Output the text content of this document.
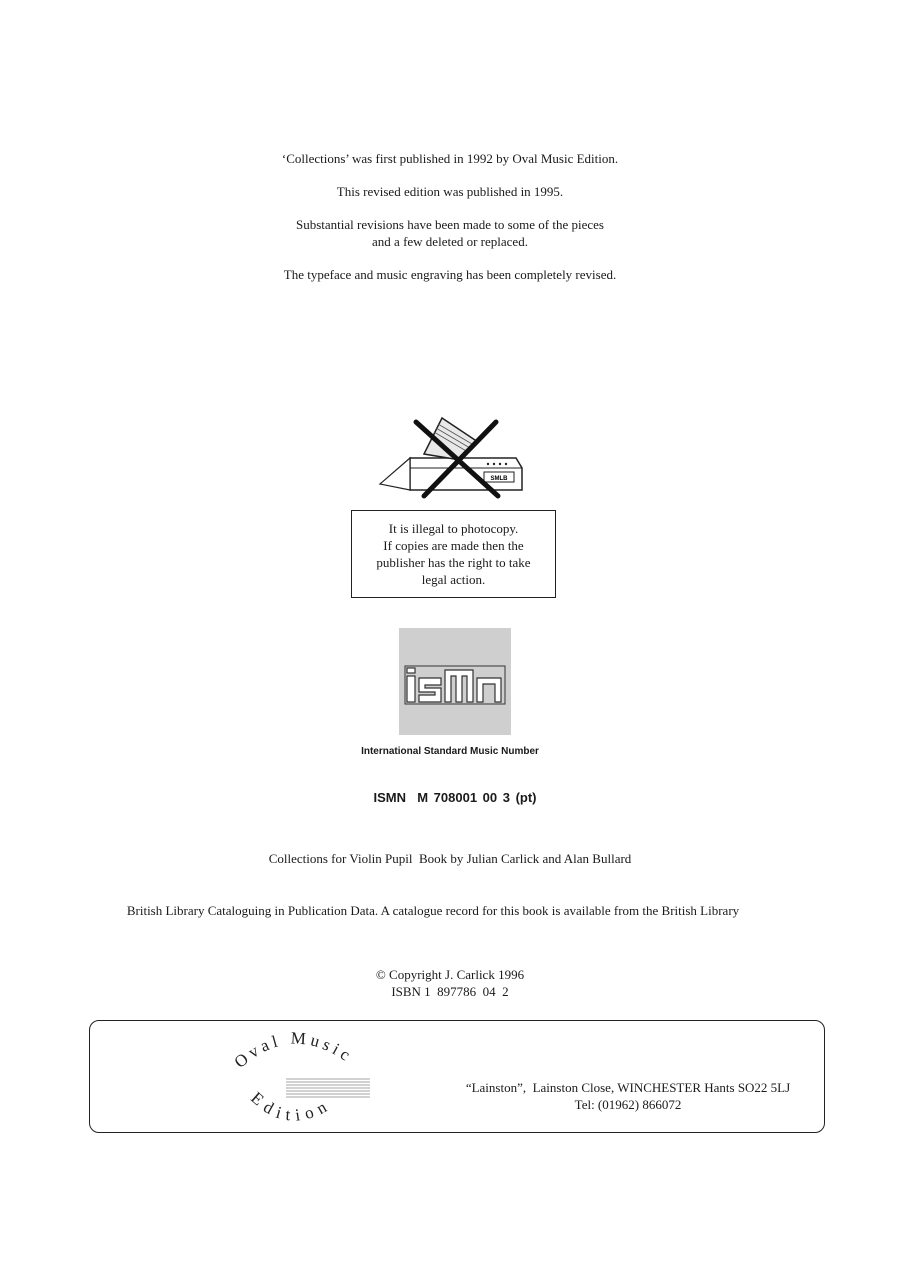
‘Collections’ was first published in 1992 by Oval Music Edition.

This revised edition was published in 1995.

Substantial revisions have been made to some of the pieces
and a few deleted or replaced.

The typeface and music engraving has been completely revised.

SMLB
It is illegal to photocopy.
If copies are made then the
publisher has the right to take
legal action.
International Standard Music Number
ISMN  M 708001 00 3 (pt)
Collections for Violin Pupil  Book by Julian Carlick and Alan Bullard
British Library Cataloguing in Publication Data. A catalogue record for this book is available from the British Library
© Copyright J. Carlick 1996
ISBN 1  897786  04  2
Oval Music
Edition
“Lainston”,  Lainston Close, WINCHESTER Hants SO22 5LJ
Tel: (01962) 866072
